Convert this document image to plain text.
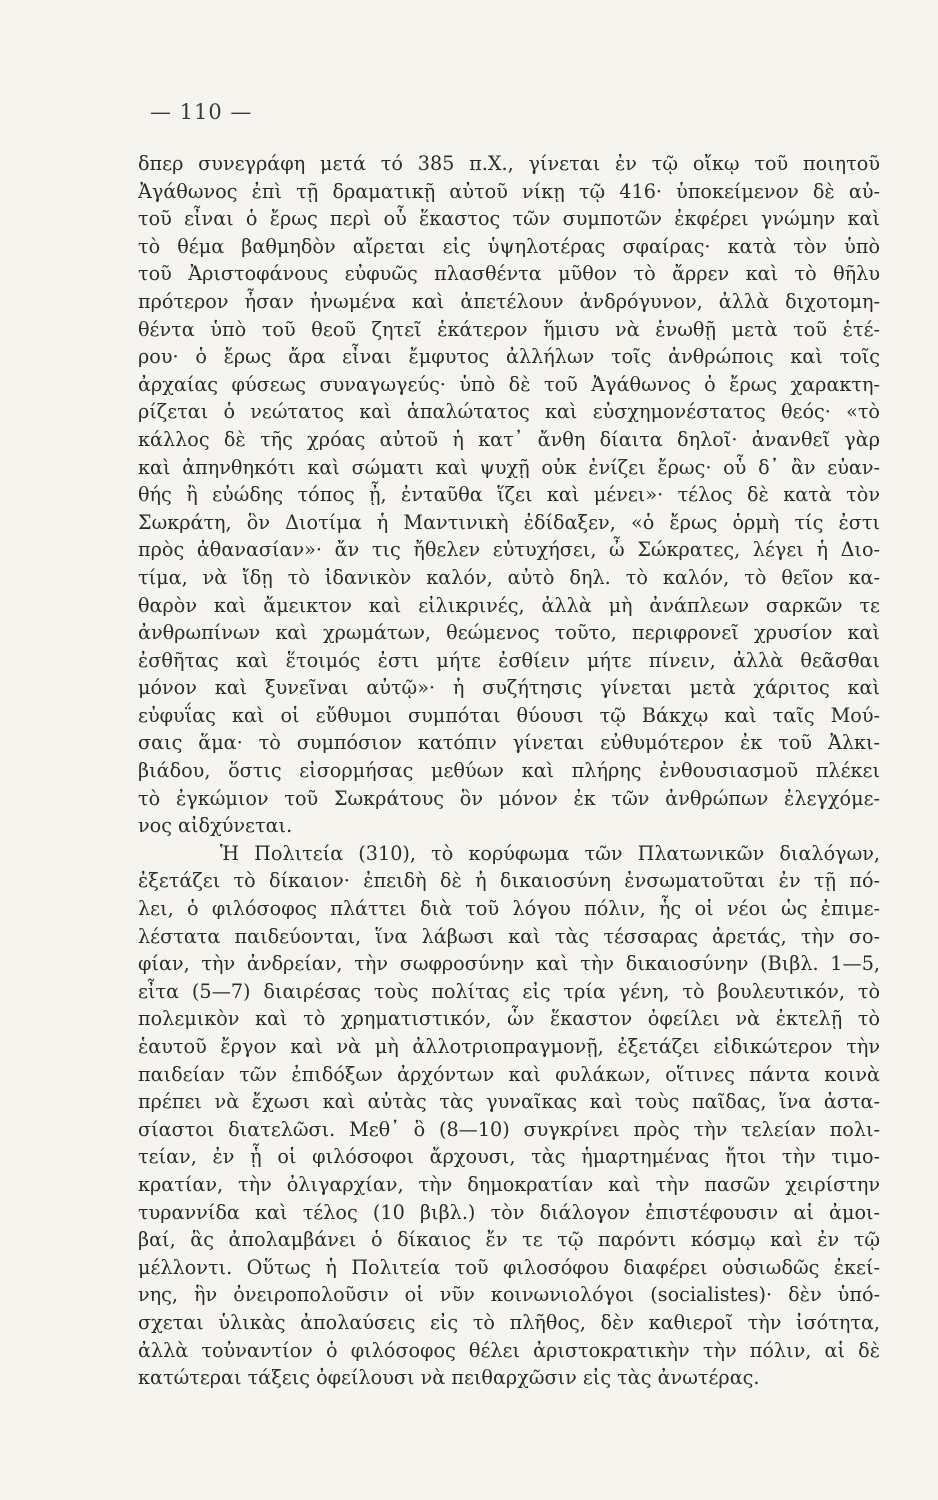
— 110 —

δπερ συνεγράφη μετά τό 385 π.Χ., γίνεται ἐν τῷ οἴκῳ τοῦ ποιητοῦ

Ἀγάθωνος ἐπὶ τῇ δραματικῇ αὐτοῦ νίκῃ τῷ 416· ὑποκείμενον δὲ αὐ-

τοῦ εἶναι ὁ ἔρως περὶ οὗ ἕκαστος τῶν συμποτῶν ἐκφέρει γνώμην καὶ

τὸ θέμα βαθμηδὸν αἴρεται εἰς ὑψηλοτέρας σφαίρας· κατὰ τὸν ὑπὸ

τοῦ Ἀριστοφάνους εὐφυῶς πλασθέντα μῦθον τὸ ἄρρεν καὶ τὸ θῆλυ

πρότερον ἦσαν ἡνωμένα καὶ ἀπετέλουν ἀνδρόγυνον, ἀλλὰ διχοτομη-

θέντα ὑπὸ τοῦ θεοῦ ζητεῖ ἑκάτερον ἥμισυ νὰ ἑνωθῇ μετὰ τοῦ ἑτέ-

ρου· ὁ ἔρως ἄρα εἶναι ἔμφυτος ἀλλήλων τοῖς ἀνθρώποις καὶ τοῖς

ἀρχαίας φύσεως συναγωγεύς· ὑπὸ δὲ τοῦ Ἀγάθωνος ὁ ἔρως χαρακτη-

ρίζεται ὁ νεώτατος καὶ ἁπαλώτατος καὶ εὐσχημονέστατος θεός· «τὸ

κάλλος δὲ τῆς χρόας αὐτοῦ ἡ κατ᾽ ἄνθη δίαιτα δηλοῖ· ἀνανθεῖ γὰρ

καὶ ἀπηνθηκότι καὶ σώματι καὶ ψυχῇ οὐκ ἐνίζει ἔρως· οὗ δ᾽ ἂν εὐαν-

θής ἢ εὐώδης τόπος ᾖ, ἐνταῦθα ἵζει καὶ μένει»· τέλος δὲ κατὰ τὸν

Σωκράτη, ὃν Διοτίμα ἡ Μαντινικὴ ἐδίδαξεν, «ὁ ἔρως ὁρμὴ τίς ἐστι

πρὸς ἀθανασίαν»· ἄν τις ἤθελεν εὐτυχήσει, ὦ Σώκρατες, λέγει ἡ Διο-

τίμα, νὰ ἴδῃ τὸ ἰδανικὸν καλόν, αὐτὸ δηλ. τὸ καλόν, τὸ θεῖον κα-

θαρὸν καὶ ἄμεικτον καὶ εἰλικρινές, ἀλλὰ μὴ ἀνάπλεων σαρκῶν τε

ἀνθρωπίνων καὶ χρωμάτων, θεώμενος τοῦτο, περιφρονεῖ χρυσίον καὶ

ἐσθῆτας καὶ ἕτοιμός ἐστι μήτε ἐσθίειν μήτε πίνειν, ἀλλὰ θεᾶσθαι

μόνον καὶ ξυνεῖναι αὐτῷ»· ἡ συζήτησις γίνεται μετὰ χάριτος καὶ

εὐφυΐας καὶ οἱ εὔθυμοι συμπόται θύουσι τῷ Βάκχῳ καὶ ταῖς Μού-

σαις ἅμα· τὸ συμπόσιον κατόπιν γίνεται εὐθυμότερον ἐκ τοῦ Ἀλκι-

βιάδου, ὅστις εἰσορμήσας μεθύων καὶ πλήρης ἐνθουσιασμοῦ πλέκει

τὸ ἐγκώμιον τοῦ Σωκράτους ὃν μόνον ἐκ τῶν ἀνθρώπων ἐλεγχόμε-

νος αἰδχύνεται.

Ἡ Πολιτεία (310), τὸ κορύφωμα τῶν Πλατωνικῶν διαλόγων,

ἐξετάζει τὸ δίκαιον· ἐπειδὴ δὲ ἡ δικαιοσύνη ἐνσωματοῦται ἐν τῇ πό-

λει, ὁ φιλόσοφος πλάττει διὰ τοῦ λόγου πόλιν, ἧς οἱ νέοι ὡς ἐπιμε-

λέστατα παιδεύονται, ἵνα λάβωσι καὶ τὰς τέσσαρας ἀρετάς, τὴν σο-

φίαν, τὴν ἀνδρείαν, τὴν σωφροσύνην καὶ τὴν δικαιοσύνην (Βιβλ. 1—5,

εἶτα (5—7) διαιρέσας τοὺς πολίτας εἰς τρία γένη, τὸ βουλευτικόν, τὸ

πολεμικὸν καὶ τὸ χρηματιστικόν, ὧν ἕκαστον ὀφείλει νὰ ἐκτελῇ τὸ

ἑαυτοῦ ἔργον καὶ νὰ μὴ ἀλλοτριοπραγμονῇ, ἐξετάζει εἰδικώτερον τὴν

παιδείαν τῶν ἐπιδόξων ἀρχόντων καὶ φυλάκων, οἵτινες πάντα κοινὰ

πρέπει νὰ ἔχωσι καὶ αὐτὰς τὰς γυναῖκας καὶ τοὺς παῖδας, ἵνα ἀστα-

σίαστοι διατελῶσι. Μεθ᾽ ὃ (8—10) συγκρίνει πρὸς τὴν τελείαν πολι-

τείαν, ἐν ᾗ οἱ φιλόσοφοι ἄρχουσι, τὰς ἡμαρτημένας ἤτοι τὴν τιμο-

κρατίαν, τὴν ὀλιγαρχίαν, τὴν δημοκρατίαν καὶ τὴν πασῶν χειρίστην

τυραννίδα καὶ τέλος (10 βιβλ.) τὸν διάλογον ἐπιστέφουσιν αἱ ἀμοι-

βαί, ἃς ἀπολαμβάνει ὁ δίκαιος ἔν τε τῷ παρόντι κόσμῳ καὶ ἐν τῷ

μέλλοντι. Οὕτως ἡ Πολιτεία τοῦ φιλοσόφου διαφέρει οὐσιωδῶς ἐκεί-

νης, ἣν ὀνειροπολοῦσιν οἱ νῦν κοινωνιολόγοι (socialistes)· δὲν ὑπό-

σχεται ὑλικὰς ἀπολαύσεις εἰς τὸ πλῆθος, δὲν καθιεροῖ τὴν ἰσότητα,

ἀλλὰ τοὐναντίον ὁ φιλόσοφος θέλει ἀριστοκρατικὴν τὴν πόλιν, αἱ δὲ

κατώτεραι τάξεις ὀφείλουσι νὰ πειθαρχῶσιν εἰς τὰς ἀνωτέρας.
